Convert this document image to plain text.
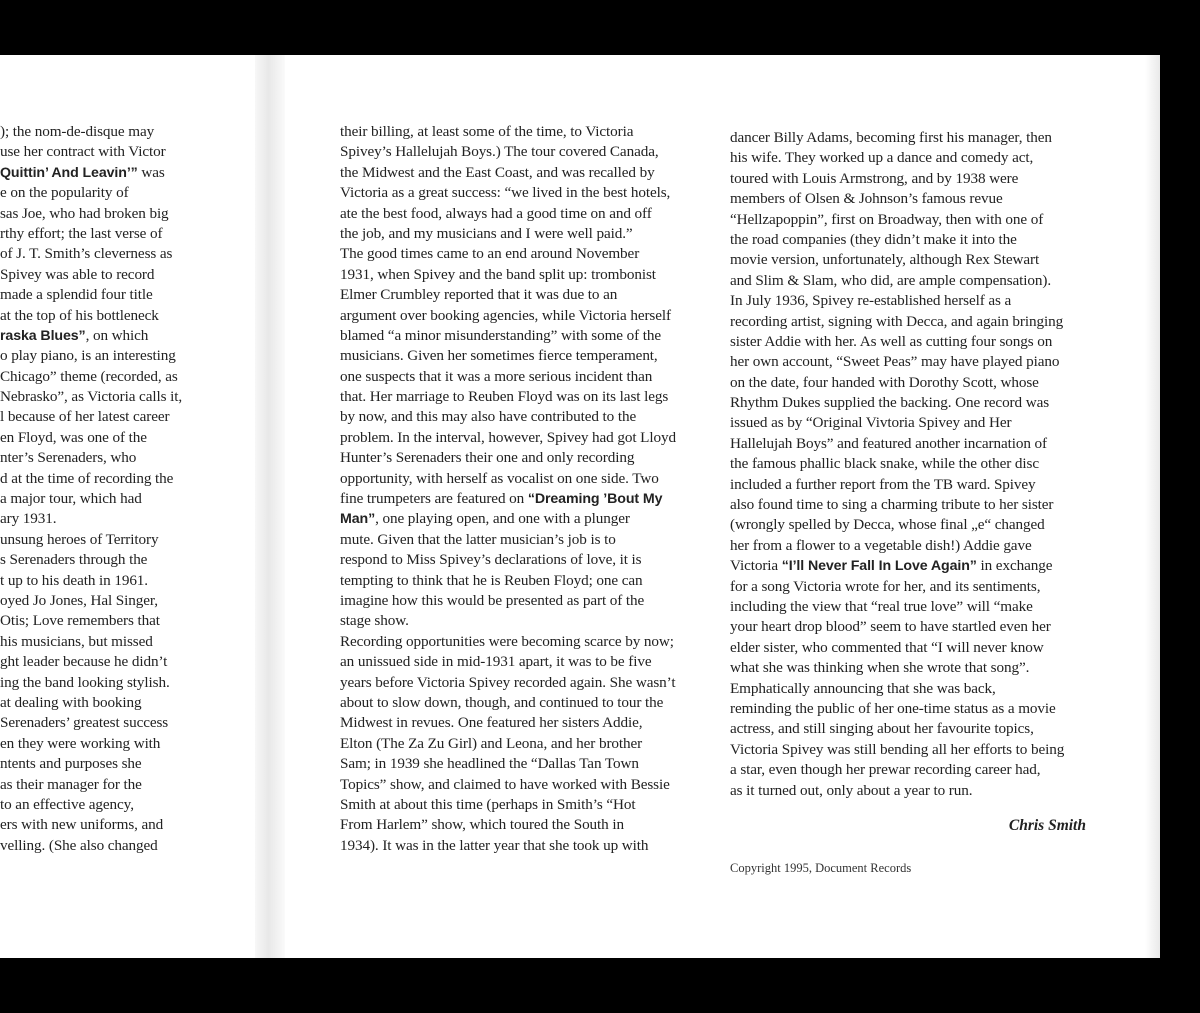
); the nom-de-disque may
use her contract with Victor
Quittin’ And Leavin’” was
e on the popularity of
sas Joe, who had broken big
rthy effort; the last verse of
of J. T. Smith’s cleverness as
Spivey was able to record
made a splendid four title
at the top of his bottleneck
raska Blues”, on which
o play piano, is an interesting
Chicago” theme (recorded, as
Nebrasko”, as Victoria calls it,
l because of her latest career
en Floyd, was one of the
nter’s Serenaders, who
d at the time of recording the
a major tour, which had
ary 1931.
unsung heroes of Territory
s Serenaders through the
t up to his death in 1961.
oyed Jo Jones, Hal Singer,
Otis; Love remembers that
his musicians, but missed
ght leader because he didn’t
ing the band looking stylish.
at dealing with booking
Serenaders’ greatest success
en they were working with
ntents and purposes she
as their manager for the
to an effective agency,
ers with new uniforms, and
velling. (She also changed
their billing, at least some of the time, to Victoria
Spivey’s Hallelujah Boys.) The tour covered Canada,
the Midwest and the East Coast, and was recalled by
Victoria as a great success: “we lived in the best hotels,
ate the best food, always had a good time on and off
the job, and my musicians and I were well paid.”
The good times came to an end around November
1931, when Spivey and the band split up: trombonist
Elmer Crumbley reported that it was due to an
argument over booking agencies, while Victoria herself
blamed “a minor misunderstanding” with some of the
musicians. Given her sometimes fierce temperament,
one suspects that it was a more serious incident than
that. Her marriage to Reuben Floyd was on its last legs
by now, and this may also have contributed to the
problem. In the interval, however, Spivey had got Lloyd
Hunter’s Serenaders their one and only recording
opportunity, with herself as vocalist on one side. Two
fine trumpeters are featured on “Dreaming ’Bout My
Man”, one playing open, and one with a plunger
mute. Given that the latter musician’s job is to
respond to Miss Spivey’s declarations of love, it is
tempting to think that he is Reuben Floyd; one can
imagine how this would be presented as part of the
stage show.
Recording opportunities were becoming scarce by now;
an unissued side in mid-1931 apart, it was to be five
years before Victoria Spivey recorded again. She wasn’t
about to slow down, though, and continued to tour the
Midwest in revues. One featured her sisters Addie,
Elton (The Za Zu Girl) and Leona, and her brother
Sam; in 1939 she headlined the “Dallas Tan Town
Topics” show, and claimed to have worked with Bessie
Smith at about this time (perhaps in Smith’s “Hot
From Harlem” show, which toured the South in
1934). It was in the latter year that she took up with
dancer Billy Adams, becoming first his manager, then
his wife. They worked up a dance and comedy act,
toured with Louis Armstrong, and by 1938 were
members of Olsen & Johnson’s famous revue
“Hellzapoppin”, first on Broadway, then with one of
the road companies (they didn’t make it into the
movie version, unfortunately, although Rex Stewart
and Slim & Slam, who did, are ample compensation).
In July 1936, Spivey re-established herself as a
recording artist, signing with Decca, and again bringing
sister Addie with her. As well as cutting four songs on
her own account, “Sweet Peas” may have played piano
on the date, four handed with Dorothy Scott, whose
Rhythm Dukes supplied the backing. One record was
issued as by “Original Vivtoria Spivey and Her
Hallelujah Boys” and featured another incarnation of
the famous phallic black snake, while the other disc
included a further report from the TB ward. Spivey
also found time to sing a charming tribute to her sister
(wrongly spelled by Decca, whose final „e“ changed
her from a flower to a vegetable dish!) Addie gave
Victoria “I’ll Never Fall In Love Again” in exchange
for a song Victoria wrote for her, and its sentiments,
including the view that “real true love” will “make
your heart drop blood” seem to have startled even her
elder sister, who commented that “I will never know
what she was thinking when she wrote that song”.
Emphatically announcing that she was back,
reminding the public of her one-time status as a movie
actress, and still singing about her favourite topics,
Victoria Spivey was still bending all her efforts to being
a star, even though her prewar recording career had,
as it turned out, only about a year to run.
Chris Smith
Copyright 1995, Document Records
